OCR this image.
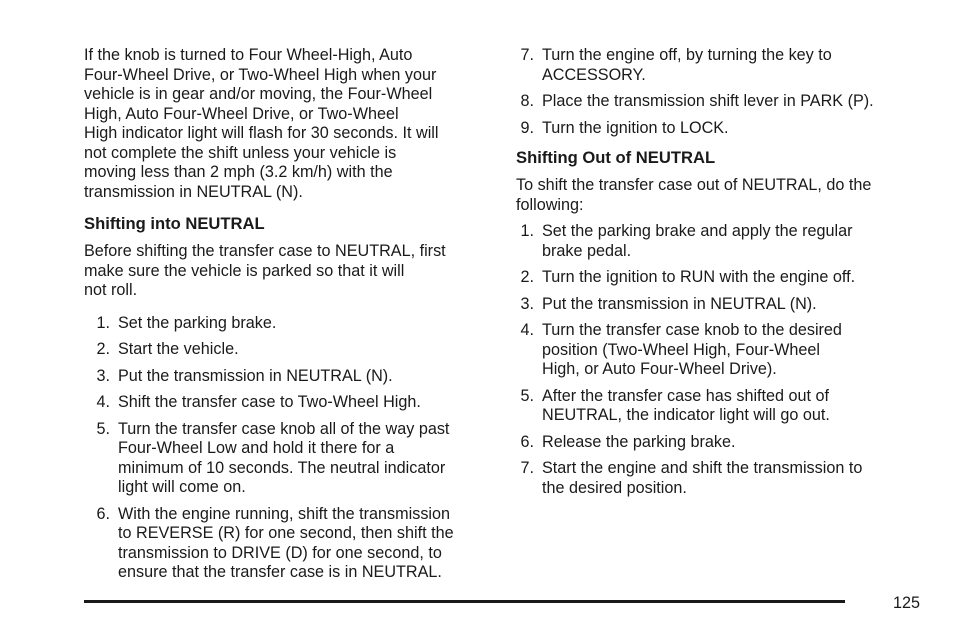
If the knob is turned to Four Wheel-High, Auto
Four-Wheel Drive, or Two-Wheel High when your
vehicle is in gear and/or moving, the Four-Wheel
High, Auto Four-Wheel Drive, or Two-Wheel
High indicator light will flash for 30 seconds. It will
not complete the shift unless your vehicle is
moving less than 2 mph (3.2 km/h) with the
transmission in NEUTRAL (N).

Shifting into NEUTRAL

Before shifting the transfer case to NEUTRAL, first
make sure the vehicle is parked so that it will
not roll.

1. Set the parking brake.
2. Start the vehicle.
3. Put the transmission in NEUTRAL (N).
4. Shift the transfer case to Two-Wheel High.
5. Turn the transfer case knob all of the way past
Four-Wheel Low and hold it there for a
minimum of 10 seconds. The neutral indicator
light will come on.
6. With the engine running, shift the transmission
to REVERSE (R) for one second, then shift the
transmission to DRIVE (D) for one second, to
ensure that the transfer case is in NEUTRAL.
7. Turn the engine off, by turning the key to
ACCESSORY.
8. Place the transmission shift lever in PARK (P).
9. Turn the ignition to LOCK.
Shifting Out of NEUTRAL

To shift the transfer case out of NEUTRAL, do the
following:

1. Set the parking brake and apply the regular
brake pedal.
2. Turn the ignition to RUN with the engine off.
3. Put the transmission in NEUTRAL (N).
4. Turn the transfer case knob to the desired
position (Two-Wheel High, Four-Wheel
High, or Auto Four-Wheel Drive).
5. After the transfer case has shifted out of
NEUTRAL, the indicator light will go out.
6. Release the parking brake.
7. Start the engine and shift the transmission to
the desired position.
125
